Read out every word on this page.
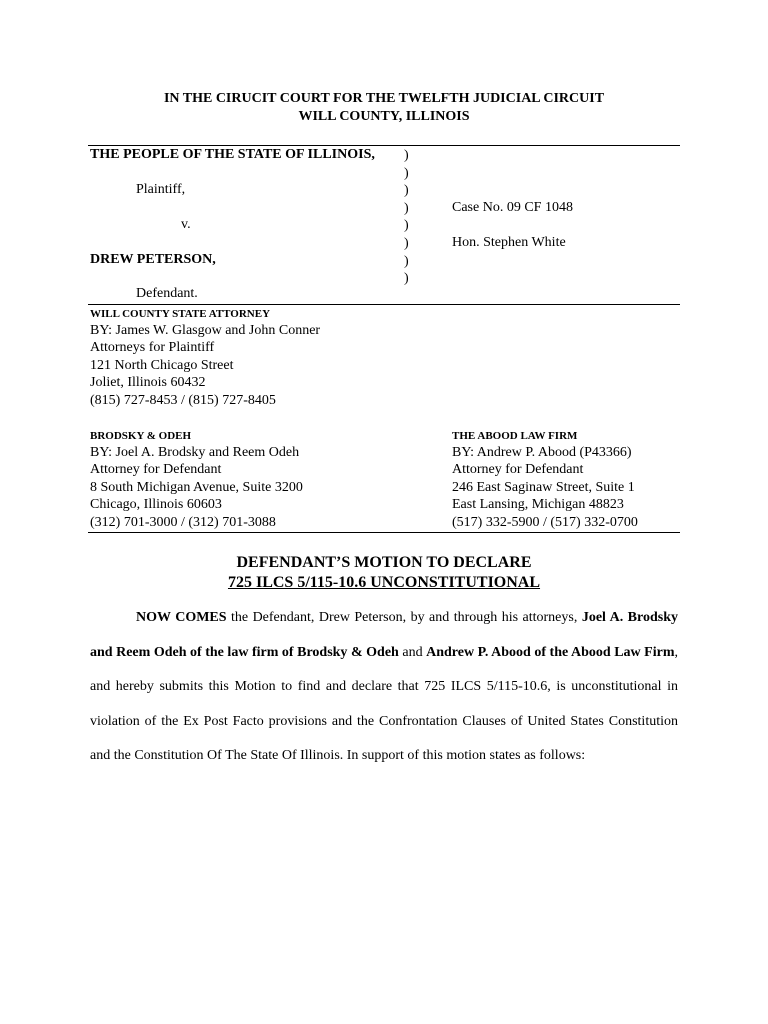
IN THE CIRUCIT COURT FOR THE TWELFTH JUDICIAL CIRCUIT
WILL COUNTY, ILLINOIS
THE PEOPLE OF THE STATE OF ILLINOIS,
Plaintiff,
v.
DREW PETERSON,
Defendant.
)
)
)
)
)
)
)
)
Case No. 09 CF 1048
Hon. Stephen White
WILL COUNTY STATE ATTORNEY
BY: James W. Glasgow and John Conner
Attorneys for Plaintiff
121 North Chicago Street
Joliet, Illinois 60432
(815) 727-8453 / (815) 727-8405
BRODSKY & ODEH
BY: Joel A. Brodsky and Reem Odeh
Attorney for Defendant
8 South Michigan Avenue, Suite 3200
Chicago, Illinois 60603
(312) 701-3000 / (312) 701-3088
THE ABOOD LAW FIRM
BY: Andrew P. Abood (P43366)
Attorney for Defendant
246 East Saginaw Street, Suite 1
East Lansing, Michigan 48823
(517) 332-5900 / (517) 332-0700
DEFENDANT’S MOTION TO DECLARE
725 ILCS 5/115-10.6 UNCONSTITUTIONAL
NOW COMES the Defendant, Drew Peterson, by and through his attorneys, Joel A. Brodsky and Reem Odeh of the law firm of Brodsky & Odeh and Andrew P. Abood of the Abood Law Firm, and hereby submits this Motion to find and declare that 725 ILCS 5/115-10.6, is unconstitutional in violation of the Ex Post Facto provisions and the Confrontation Clauses of United States Constitution and the Constitution Of The State Of Illinois. In support of this motion states as follows:
